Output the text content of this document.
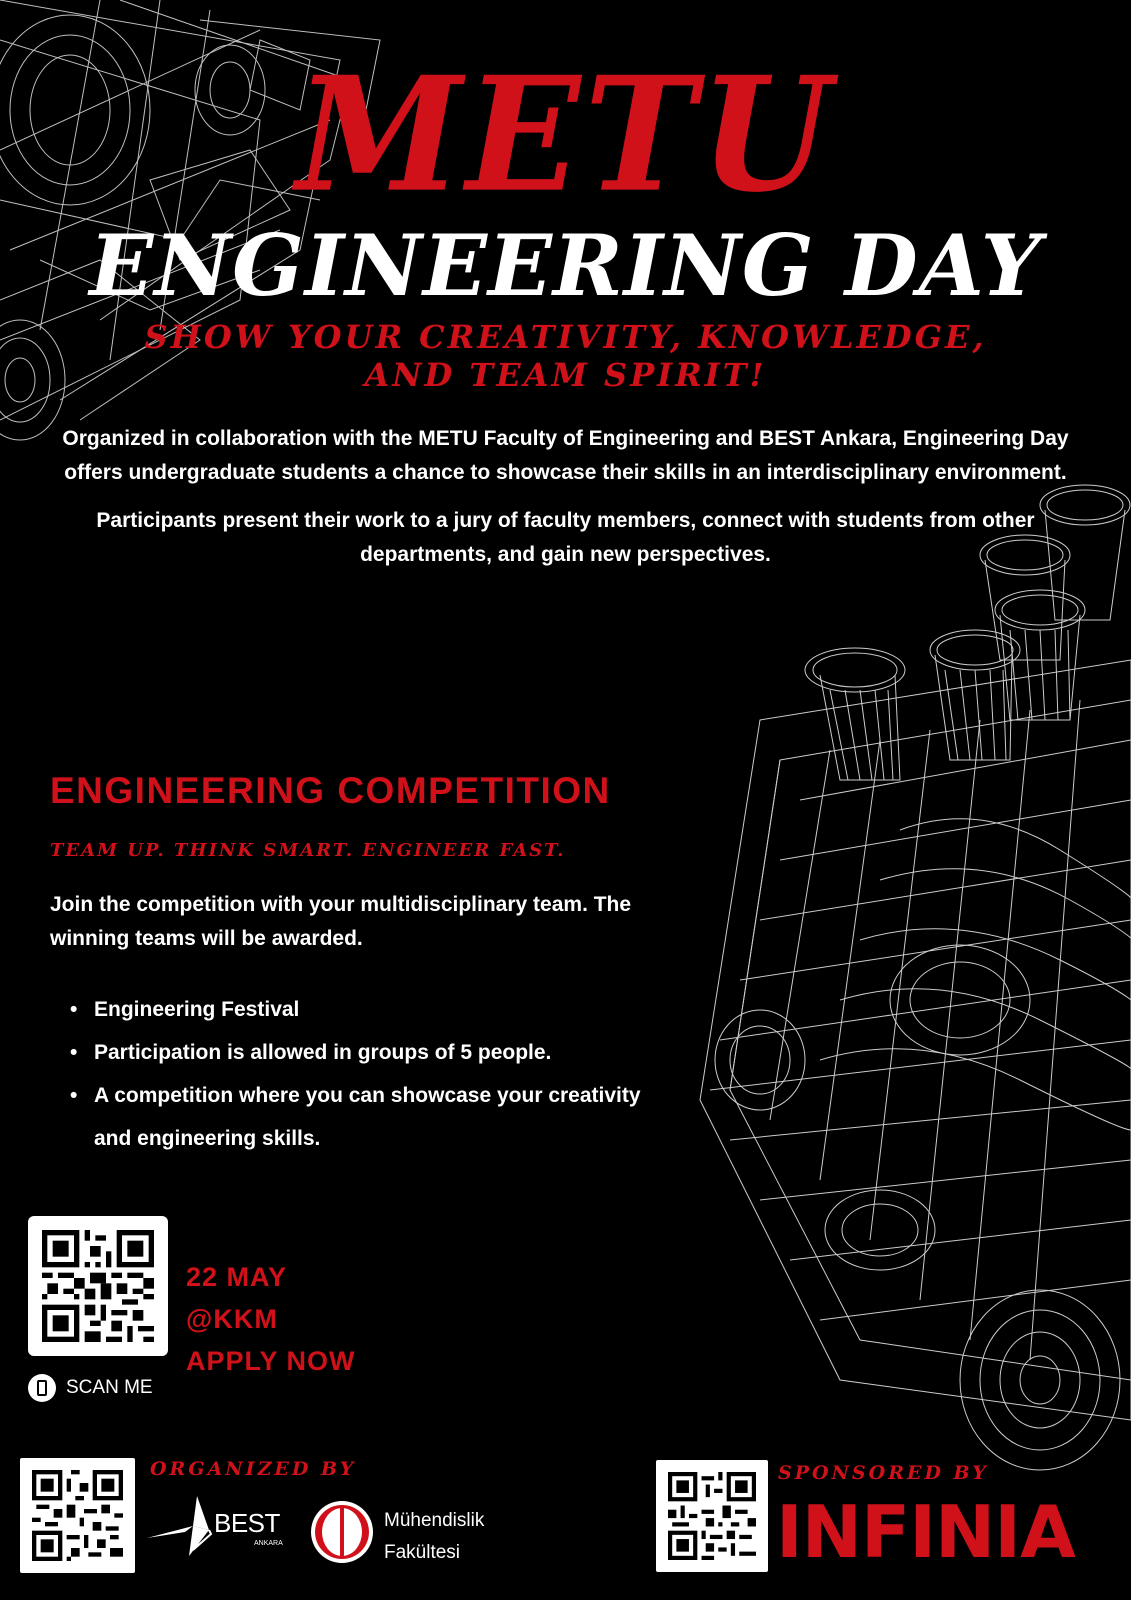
METU
ENGINEERING DAY
SHOW YOUR CREATIVITY, KNOWLEDGE,
AND TEAM SPIRIT!

Organized in collaboration with the METU Faculty of Engineering and BEST Ankara, Engineering Day offers undergraduate students a chance to showcase their skills in an interdisciplinary environment.

Participants present their work to a jury of faculty members, connect with students from other departments, and gain new perspectives.

ENGINEERING COMPETITION
TEAM UP. THINK SMART. ENGINEER FAST.
Join the competition with your multidisciplinary team. The winning teams will be awarded.
• Engineering Festival
• Participation is allowed in groups of 5 people.
• A competition where you can showcase your creativity and engineering skills.
22 MAY
@KKM
APPLY NOW
SCAN ME
ORGANIZED BY
BEST
ANKARA
Mühendislik
Fakültesi
SPONSORED BY
INFINIA
